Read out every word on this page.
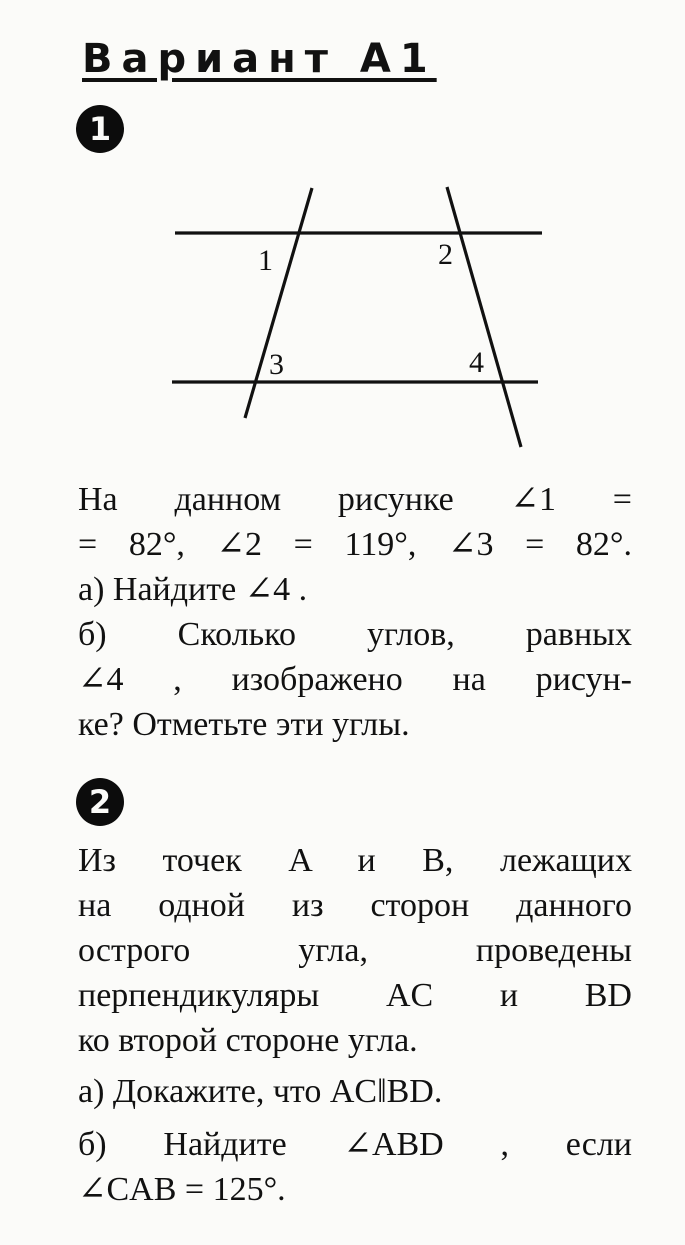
Вариант А1
1
1	2
3	4
На данном рисунке ∠1 =
= 82°, ∠2 = 119°, ∠3 = 82°.
а) Найдите ∠4 .
б) Сколько углов, равных
∠4 , изображено на рисун-
ке? Отметьте эти углы.
2
Из точек A и B, лежащих
на одной из сторон данного
острого угла, проведены
перпендикуляры AC и BD
ко второй стороне угла.
а) Докажите, что AC‖BD.
б) Найдите ∠ABD , если
∠CAB = 125°.
